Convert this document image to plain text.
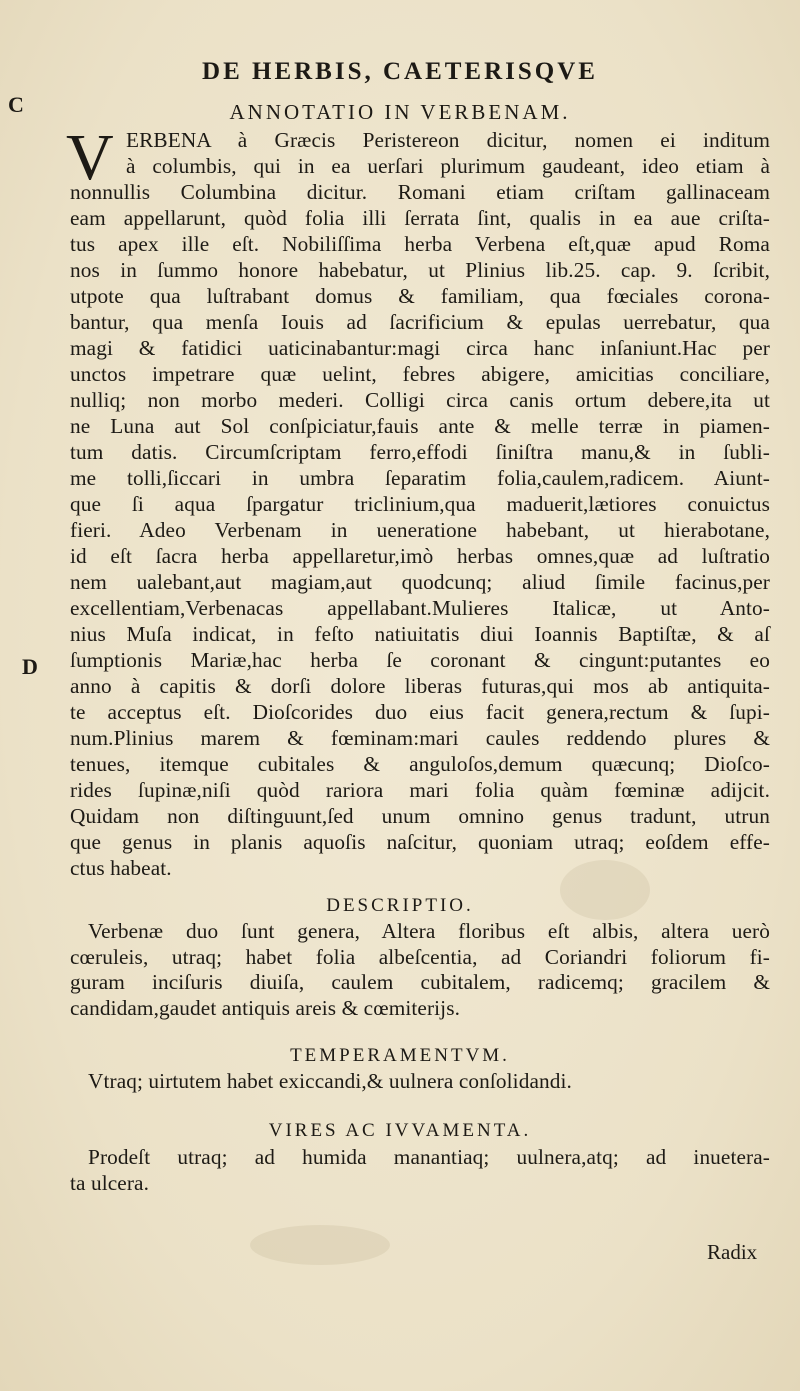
DE HERBIS, CAETERISQVE
C	ANNOTATIO IN VERBENAM.
V ERBENA à Græcis Peristereon dicitur, nomen ei inditum
à columbis, qui in ea uerſari plurimum gaudeant, ideo etiam à
nonnullis Columbina dicitur. Romani etiam criſtam gallinaceam
eam appellarunt, quòd folia illi ſerrata ſint, qualis in ea aue criſta-
tus apex ille eſt. Nobiliſſima herba Verbena eſt,quæ apud Roma
nos in ſummo honore habebatur, ut Plinius lib.25. cap. 9. ſcribit,
utpote qua luſtrabant domus & familiam, qua fœciales corona-
bantur, qua menſa Iouis ad ſacrificium & epulas uerrebatur, qua
magi & fatidici uaticinabantur:magi circa hanc inſaniunt.Hac per
unctos impetrare quæ uelint, febres abigere, amicitias conciliare,
nulliq; non morbo mederi. Colligi circa canis ortum debere,ita ut
ne Luna aut Sol conſpiciatur,fauis ante & melle terræ in piamen-
tum datis. Circumſcriptam ferro,effodi ſiniſtra manu,& in ſubli-
me tolli,ſiccari in umbra ſeparatim folia,caulem,radicem. Aiunt-
que ſi aqua ſpargatur triclinium,qua maduerit,lætiores conuictus
fieri. Adeo Verbenam in ueneratione habebant, ut hierabotane,
id eſt ſacra herba appellaretur,imò herbas omnes,quæ ad luſtratio
nem ualebant,aut magiam,aut quodcunq; aliud ſimile facinus,per
excellentiam,Verbenacas appellabant.Mulieres Italicæ, ut Anto-
nius Muſa indicat, in feſto natiuitatis diui Ioannis Baptiſtæ, & aſ
ſumptionis Mariæ,hac herba ſe coronant & cingunt:putantes eo
anno à capitis & dorſi dolore liberas futuras,qui mos ab antiquita-
te acceptus eſt. Dioſcorides duo eius facit genera,rectum & ſupi-
num.Plinius marem & fœminam:mari caules reddendo plures &
tenues, itemque cubitales & anguloſos,demum quæcunq; Dioſco-
rides ſupinæ,niſi quòd rariora mari folia quàm fœminæ adijcit.
Quidam non diſtinguunt,ſed unum omnino genus tradunt, utrun
que genus in planis aquoſis naſcitur, quoniam utraq; eoſdem effe-
ctus habeat.
D
DESCRIPTIO.
Verbenæ duo ſunt genera, Altera floribus eſt albis, altera uerò
cœruleis, utraq; habet folia albeſcentia, ad Coriandri foliorum fi-
guram inciſuris diuiſa, caulem cubitalem, radicemq; gracilem &
candidam,gaudet antiquis areis & cœmiterijs.
TEMPERAMENTVM.
Vtraq; uirtutem habet exiccandi,& uulnera conſolidandi.
VIRES AC IVVAMENTA.
Prodeſt utraq; ad humida manantiaq; uulnera,atq; ad inuetera-
ta ulcera.
Radix
